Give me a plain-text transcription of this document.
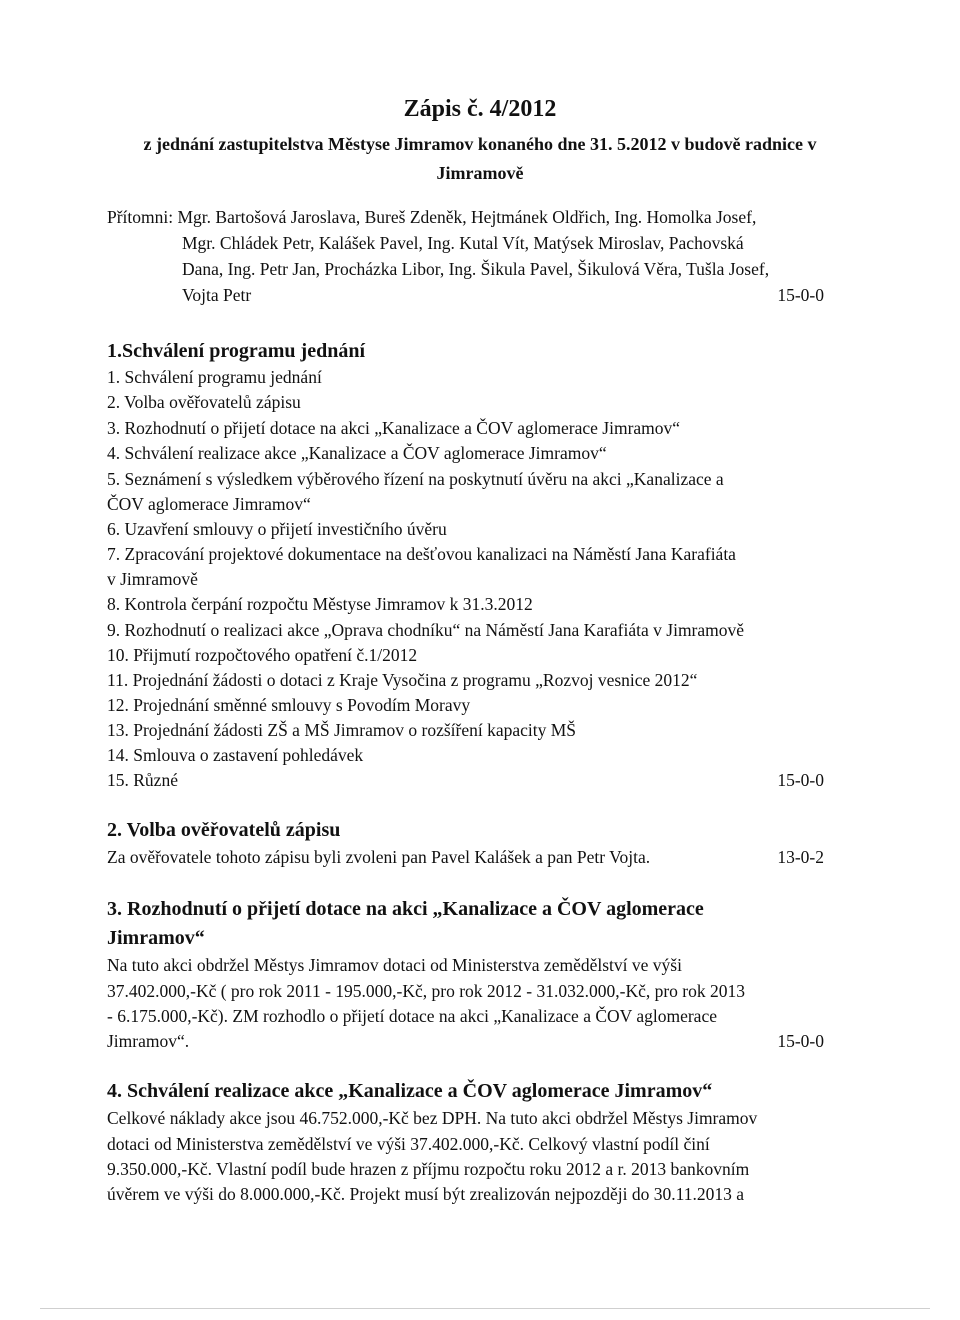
Zápis č. 4/2012
z jednání zastupitelstva Městyse Jimramov konaného dne 31. 5.2012 v budově radnice v
Jimramově
Přítomni: Mgr. Bartošová Jaroslava, Bureš Zdeněk, Hejtmánek Oldřich, Ing. Homolka Josef,
Mgr. Chládek Petr, Kalášek Pavel, Ing. Kutal Vít, Matýsek Miroslav, Pachovská
Dana, Ing. Petr Jan, Procházka Libor, Ing. Šikula Pavel, Šikulová Věra, Tušla Josef,
Vojta Petr	15-0-0
1.Schválení programu jednání
1. Schválení programu jednání
2. Volba ověřovatelů zápisu
3. Rozhodnutí o přijetí dotace na akci „Kanalizace a ČOV aglomerace Jimramov“
4. Schválení realizace akce „Kanalizace a ČOV aglomerace Jimramov“
5. Seznámení s výsledkem výběrového řízení na poskytnutí úvěru na akci „Kanalizace a
ČOV aglomerace Jimramov“
6. Uzavření smlouvy o přijetí investičního úvěru
7. Zpracování projektové dokumentace na dešťovou kanalizaci na Náměstí Jana Karafiáta
v Jimramově
8. Kontrola čerpání rozpočtu Městyse Jimramov k 31.3.2012
9. Rozhodnutí o realizaci akce „Oprava chodníku“ na Náměstí Jana Karafiáta v Jimramově
10. Přijmutí rozpočtového opatření č.1/2012
11. Projednání žádosti o dotaci z Kraje Vysočina z programu „Rozvoj vesnice 2012“
12. Projednání směnné smlouvy s Povodím Moravy
13. Projednání žádosti ZŠ a MŠ Jimramov o rozšíření kapacity MŠ
14. Smlouva o zastavení pohledávek
15. Různé	15-0-0
2. Volba ověřovatelů zápisu
Za ověřovatele tohoto zápisu byli zvoleni pan Pavel Kalášek a pan Petr Vojta.	13-0-2
3. Rozhodnutí o přijetí dotace na akci „Kanalizace a ČOV aglomerace
Jimramov“
Na tuto akci obdržel Městys Jimramov dotaci od Ministerstva zemědělství ve výši
37.402.000,-Kč ( pro rok 2011 - 195.000,-Kč, pro rok 2012 - 31.032.000,-Kč, pro rok 2013
- 6.175.000,-Kč). ZM rozhodlo o přijetí dotace na akci „Kanalizace a ČOV aglomerace
Jimramov“.	15-0-0
4. Schválení realizace akce „Kanalizace a ČOV aglomerace Jimramov“
Celkové náklady akce jsou 46.752.000,-Kč bez DPH. Na tuto akci obdržel Městys Jimramov
dotaci od Ministerstva zemědělství ve výši 37.402.000,-Kč. Celkový vlastní podíl činí
9.350.000,-Kč. Vlastní podíl bude hrazen z příjmu rozpočtu roku 2012 a r. 2013 bankovním
úvěrem ve výši do 8.000.000,-Kč. Projekt musí být zrealizován nejpozději do 30.11.2013 a
